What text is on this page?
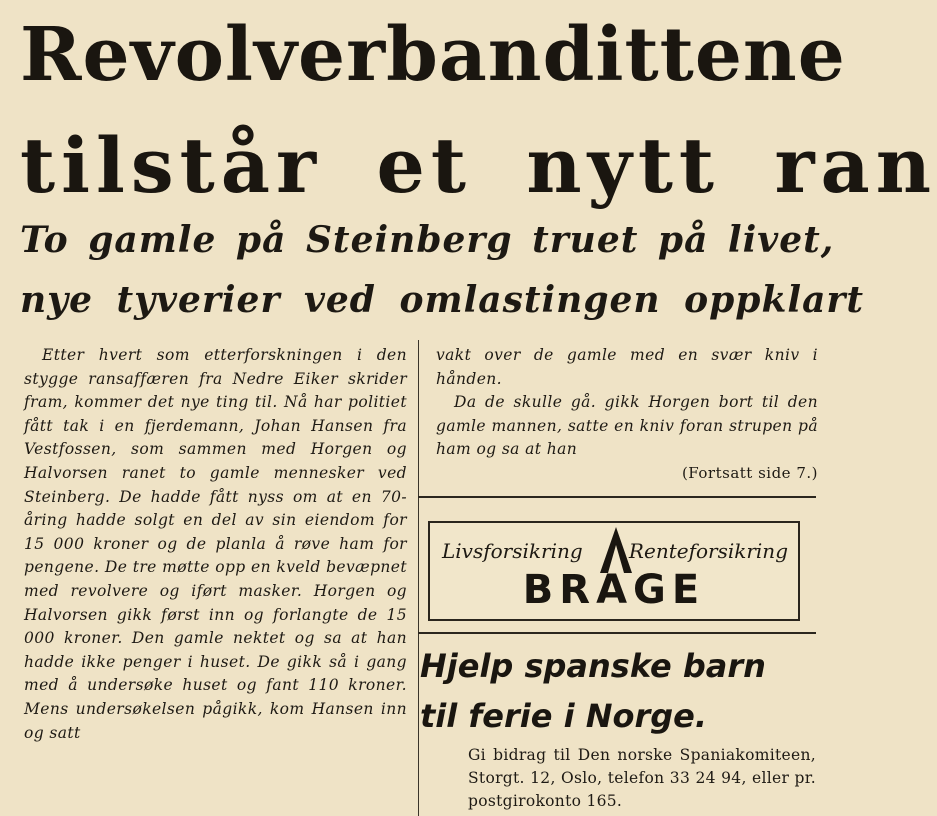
Revolverbandittene
tilstår et nytt ran
To gamle på Steinberg truet på livet,
nye tyverier ved omlastingen oppklart

Etter hvert som etterforskningen i den stygge ransaffæren fra Nedre Eiker skrider fram, kommer det nye ting til. Nå har politiet fått tak i en fjerdemann, Johan Hansen fra Vestfossen, som sammen med Horgen og Halvorsen ranet to gamle mennesker ved Steinberg. De hadde fått nyss om at en 70-åring hadde solgt en del av sin eiendom for 15 000 kroner og de planla å røve ham for pengene. De tre møtte opp en kveld bevæpnet med revolvere og iført masker. Horgen og Halvorsen gikk først inn og forlangte de 15 000 kroner. Den gamle nektet og sa at han hadde ikke penger i huset. De gikk så i gang med å undersøke huset og fant 110 kroner. Mens undersøkelsen pågikk, kom Hansen inn og satt

vakt over de gamle med en svær kniv i hånden.

Da de skulle gå. gikk Horgen bort til den gamle mannen, satte en kniv foran strupen på ham og sa at han

(Fortsatt side 7.)

Livsforsikring Renteforsikring
BRAGE
Hjelp spanske barn
til ferie i Norge.

Gi bidrag til Den norske Spaniakomiteen, Storgt. 12, Oslo, telefon 33 24 94, eller pr. postgirokonto 165.
